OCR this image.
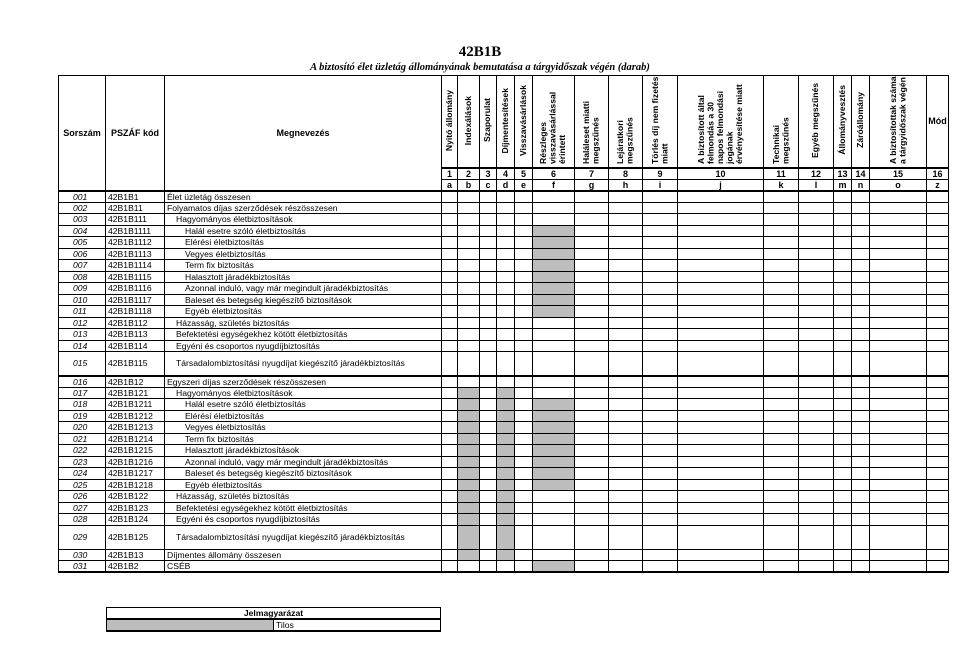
42B1B
A biztosító élet üzletág állományának bemutatása a tárgyidőszak végén (darab)
Sorszám	PSZÁF kód	Megnevezés	Nyitó állomány	Indexálások	Szaporulat	Díjmentesítések	Visszavásárlások	Részleges visszavásárlással érintett	Haláleset miatti megszűnés	Lejáratkori megszűnés	Törlés díj nem fizetés miatt	A biztosított által felmondás a 30 napos felmondási jogának érvényesítése miatt	Technikai megszűnés	Egyéb megszűnés	Állományvesztés	Záróállomány	A biztosítottak száma a tárgyidőszak végén	Mód
			1	2	3	4	5	6	7	8	9	10	11	12	13	14	15	16
			a	b	c	d	e	f	g	h	i	j	k	l	m	n	o	z
001	42B1B1	Élet üzletág összesen																
002	42B1B11	Folyamatos díjas szerződések részösszesen																
003	42B1B111	Hagyományos életbiztosítások																
004	42B1B1111	Halál esetre szóló életbiztosítás																
005	42B1B1112	Elérési életbiztosítás																
006	42B1B1113	Vegyes életbiztosítás																
007	42B1B1114	Term fix biztosítás																
008	42B1B1115	Halasztott járadékbiztosítás																
009	42B1B1116	Azonnal induló, vagy már megindult járadékbiztosítás																
010	42B1B1117	Baleset és betegség kiegészítő biztosítások																
011	42B1B1118	Egyéb életbiztosítás																
012	42B1B112	Házasság, születés biztosítás																
013	42B1B113	Befektetési egységekhez kötött életbiztosítás																
014	42B1B114	Egyéni és csoportos nyugdíjbiztosítás																
015	42B1B115	Társadalombiztosítási nyugdíjat kiegészítő járadékbiztosítás																
016	42B1B12	Egyszeri díjas szerződések részösszesen																
017	42B1B121	Hagyományos életbiztosítások																
018	42B1B1211	Halál esetre szóló életbiztosítás																
019	42B1B1212	Elérési életbiztosítás																
020	42B1B1213	Vegyes életbiztosítás																
021	42B1B1214	Term fix biztosítás																
022	42B1B1215	Halasztott járadékbiztosítások																
023	42B1B1216	Azonnal induló, vagy már megindult járadékbiztosítás																
024	42B1B1217	Baleset és betegség kiegészítő biztosítások																
025	42B1B1218	Egyéb életbiztosítás																
026	42B1B122	Házasság, születés biztosítás																
027	42B1B123	Befektetési egységekhez kötött életbiztosítás																
028	42B1B124	Egyéni és csoportos nyugdíjbiztosítás																
029	42B1B125	Társadalombiztosítási nyugdíjat kiegészítő járadékbiztosítás																
030	42B1B13	Díjmentes állomány összesen																
031	42B1B2	CSÉB																
Jelmagyarázat
	Tilos
